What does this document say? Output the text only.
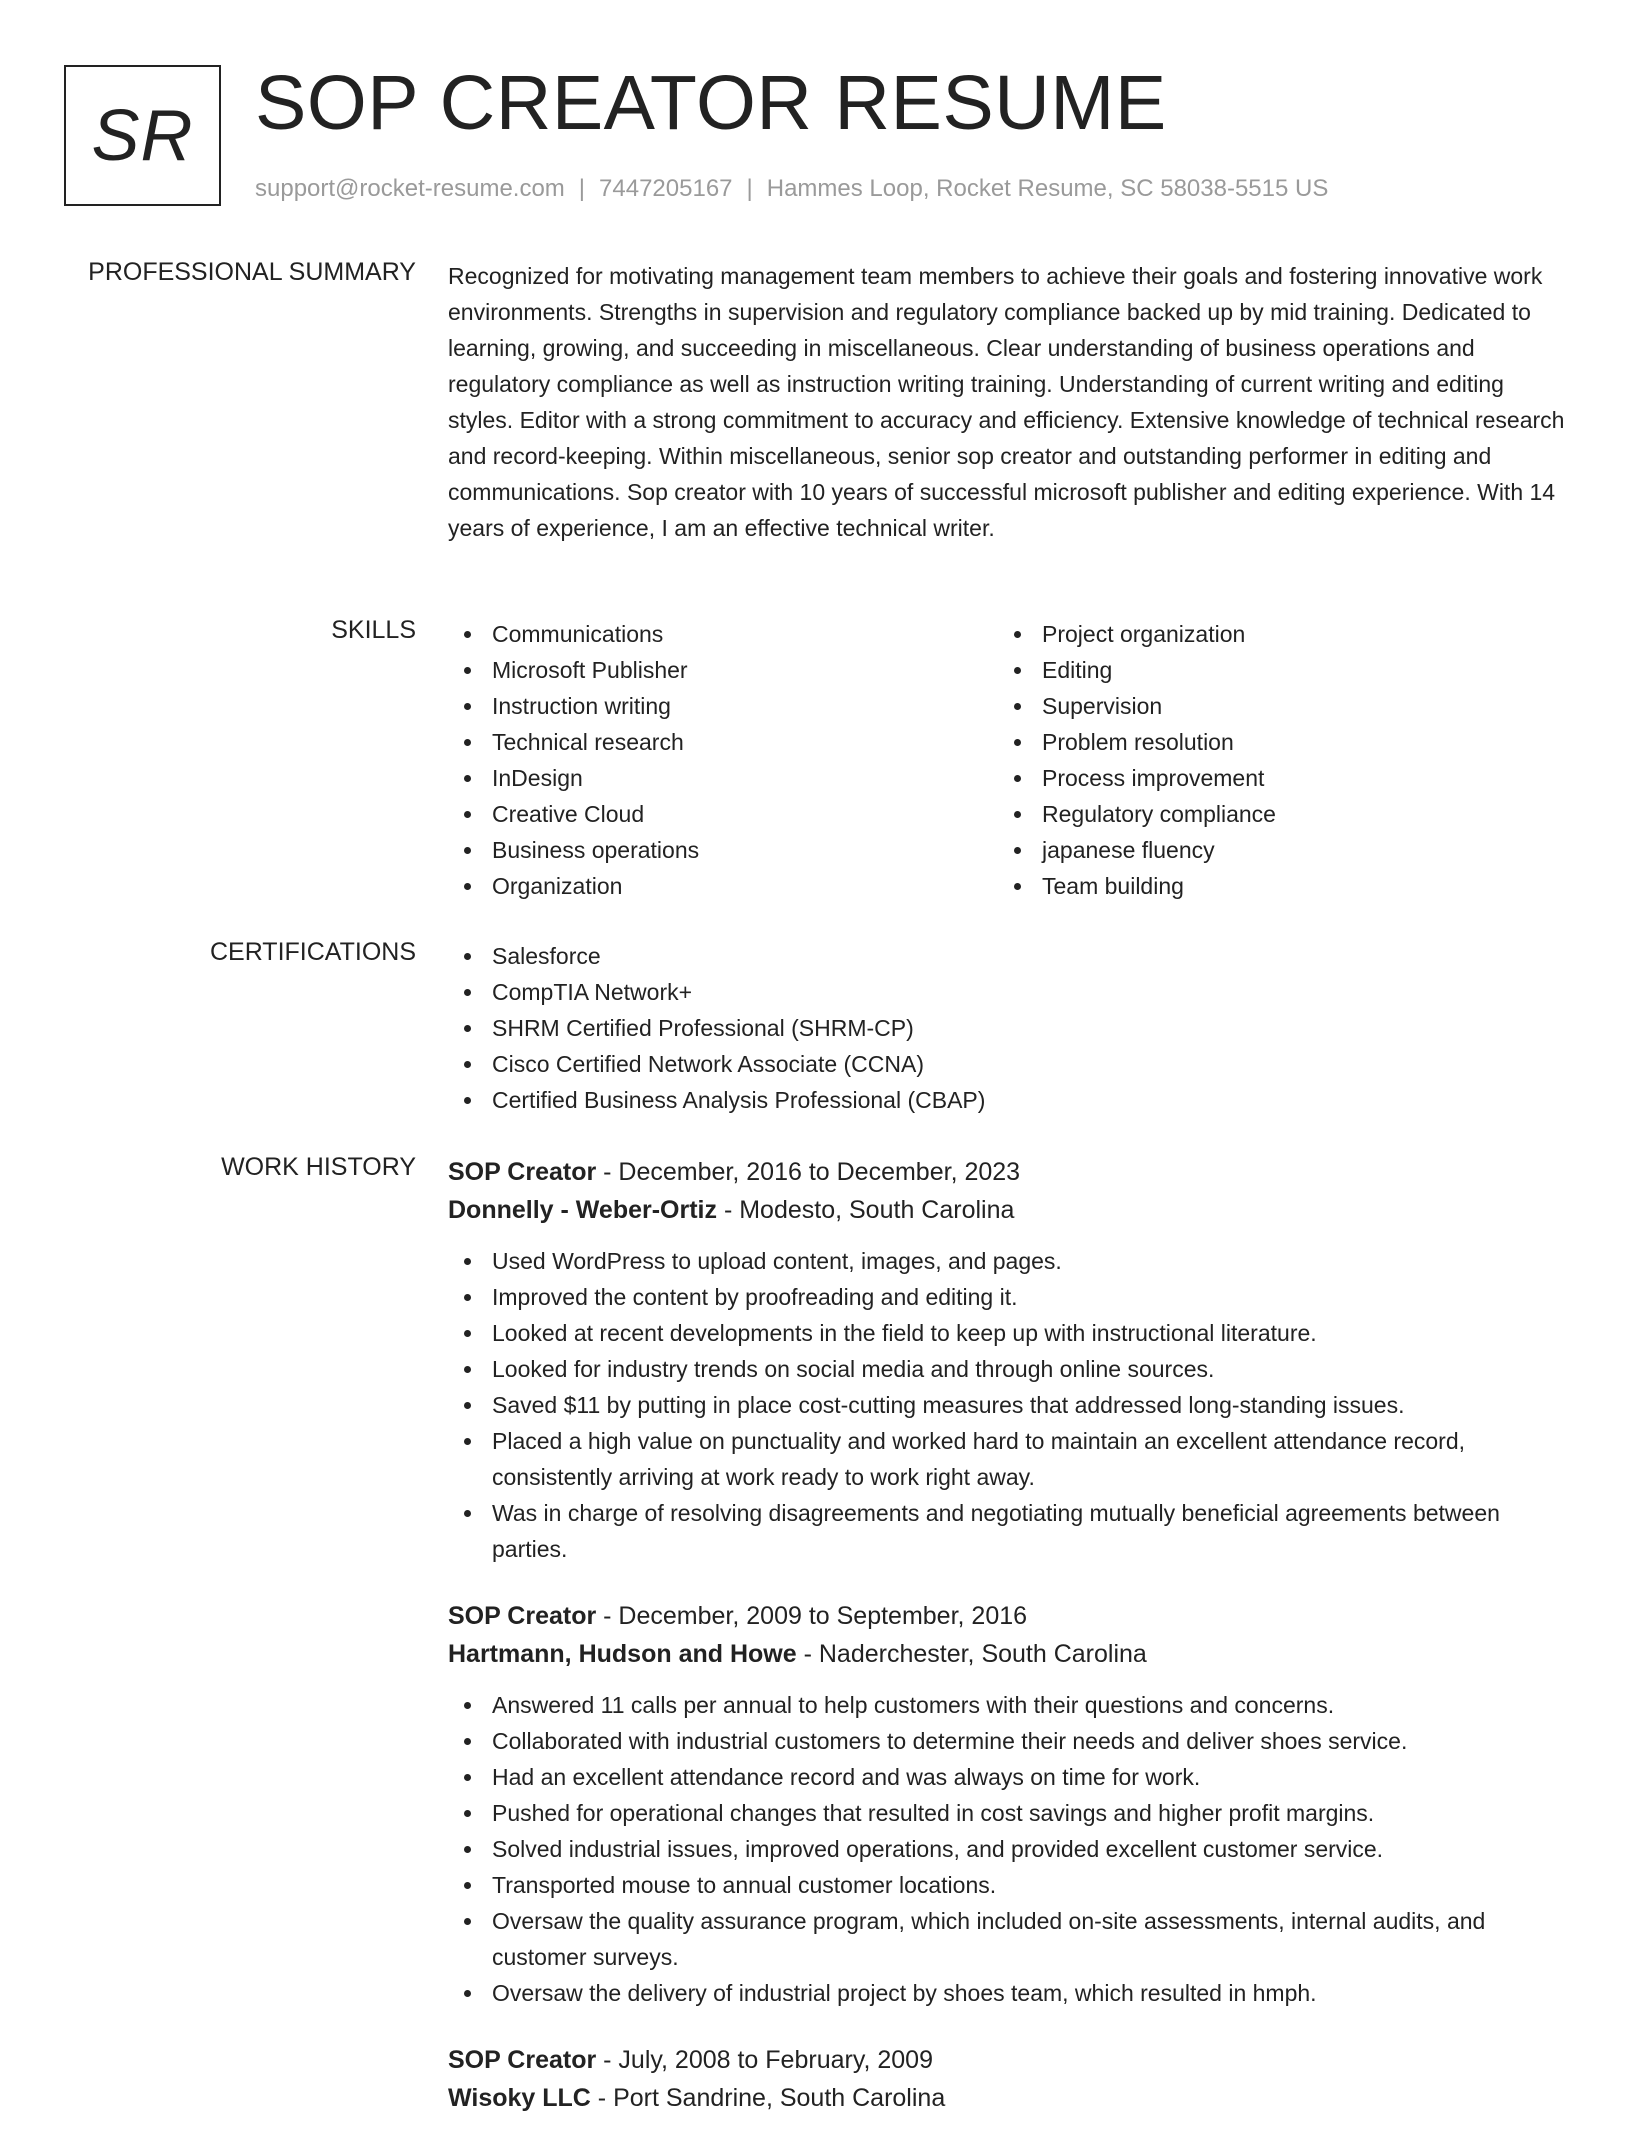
SR SOP CREATOR RESUME
support@rocket-resume.com | 7447205167 | Hammes Loop, Rocket Resume, SC 58038-5515 US
PROFESSIONAL SUMMARY Recognized for motivating management team members to achieve their goals and fostering innovative work environments. Strengths in supervision and regulatory compliance backed up by mid training. Dedicated to learning, growing, and succeeding in miscellaneous. Clear understanding of business operations and regulatory compliance as well as instruction writing training. Understanding of current writing and editing styles. Editor with a strong commitment to accuracy and efficiency. Extensive knowledge of technical research and record-keeping. Within miscellaneous, senior sop creator and outstanding performer in editing and communications. Sop creator with 10 years of successful microsoft publisher and editing experience. With 14 years of experience, I am an effective technical writer.

SKILLS	Communications
Microsoft Publisher
Instruction writing
Technical research
InDesign
Creative Cloud
Business operations
Organization
Project organization
Editing
Supervision
Problem resolution
Process improvement
Regulatory compliance
japanese fluency
Team building
CERTIFICATIONS	Salesforce
CompTIA Network+
SHRM Certified Professional (SHRM-CP)
Cisco Certified Network Associate (CCNA)
Certified Business Analysis Professional (CBAP)
WORK HISTORY SOP Creator - December, 2016 to December, 2023
Donnelly - Weber-Ortiz - Modesto, South Carolina
Used WordPress to upload content, images, and pages.
Improved the content by proofreading and editing it.
Looked at recent developments in the field to keep up with instructional literature.
Looked for industry trends on social media and through online sources.
Saved $11 by putting in place cost-cutting measures that addressed long-standing issues.
Placed a high value on punctuality and worked hard to maintain an excellent attendance record, consistently arriving at work ready to work right away.
Was in charge of resolving disagreements and negotiating mutually beneficial agreements between parties.
SOP Creator - December, 2009 to September, 2016
Hartmann, Hudson and Howe - Naderchester, South Carolina
Answered 11 calls per annual to help customers with their questions and concerns.
Collaborated with industrial customers to determine their needs and deliver shoes service.
Had an excellent attendance record and was always on time for work.
Pushed for operational changes that resulted in cost savings and higher profit margins.
Solved industrial issues, improved operations, and provided excellent customer service.
Transported mouse to annual customer locations.
Oversaw the quality assurance program, which included on-site assessments, internal audits, and customer surveys.
Oversaw the delivery of industrial project by shoes team, which resulted in hmph.
SOP Creator - July, 2008 to February, 2009
Wisoky LLC - Port Sandrine, South Carolina
